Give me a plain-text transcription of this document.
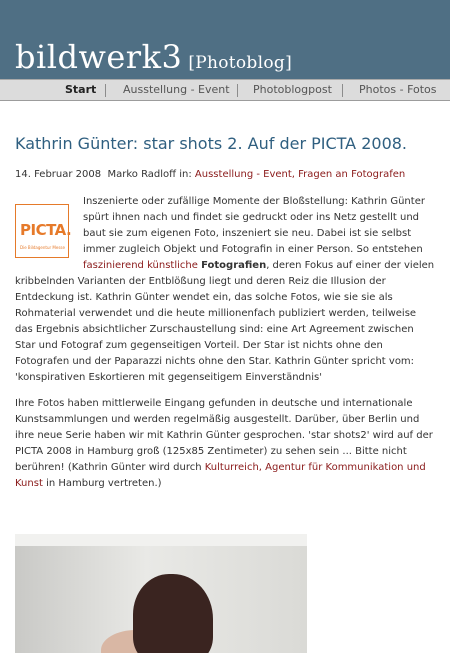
bildwerk3 [Photoblog]
Start Ausstellung - Event Photoblogpost Photos - Fotos
Kathrin Günter: star shots 2. Auf der PICTA 2008.
14. Februar 2008 Marko Radloff in: Ausstellung - Event, Fragen an Fotografen

PICTA.
Die Bildagentur Messe
Inszenierte oder zufällige Momente der Bloßstellung: Kathrin Günter spürt ihnen nach und findet sie gedruckt oder ins Netz gestellt und baut sie zum eigenen Foto, inszeniert sie neu. Dabei ist sie selbst immer zugleich Objekt und Fotografin in einer Person. So entstehen faszinierend künstliche Fotografien, deren Fokus auf einer der vielen kribbelnden Varianten der Entblößung liegt und deren Reiz die Illusion der Entdeckung ist. Kathrin Günter wendet ein, das solche Fotos, wie sie sie als Rohmaterial verwendet und die heute millionenfach publiziert werden, teilweise das Ergebnis absichtlicher Zurschaustellung sind: eine Art Agreement zwischen Star und Fotograf zum gegenseitigen Vorteil. Der Star ist nichts ohne den Fotografen und der Paparazzi nichts ohne den Star. Kathrin Günter spricht vom: 'konspirativen Eskortieren mit gegenseitigem Einverständnis'

Ihre Fotos haben mittlerweile Eingang gefunden in deutsche und internationale Kunstsammlungen und werden regelmäßig ausgestellt. Darüber, über Berlin und ihre neue Serie haben wir mit Kathrin Günter gesprochen. 'star shots2' wird auf der PICTA 2008 in Hamburg groß (125x85 Zentimeter) zu sehen sein ... Bitte nicht berühren! (Kathrin Günter wird durch Kulturreich, Agentur für Kommunikation und Kunst in Hamburg vertreten.)
